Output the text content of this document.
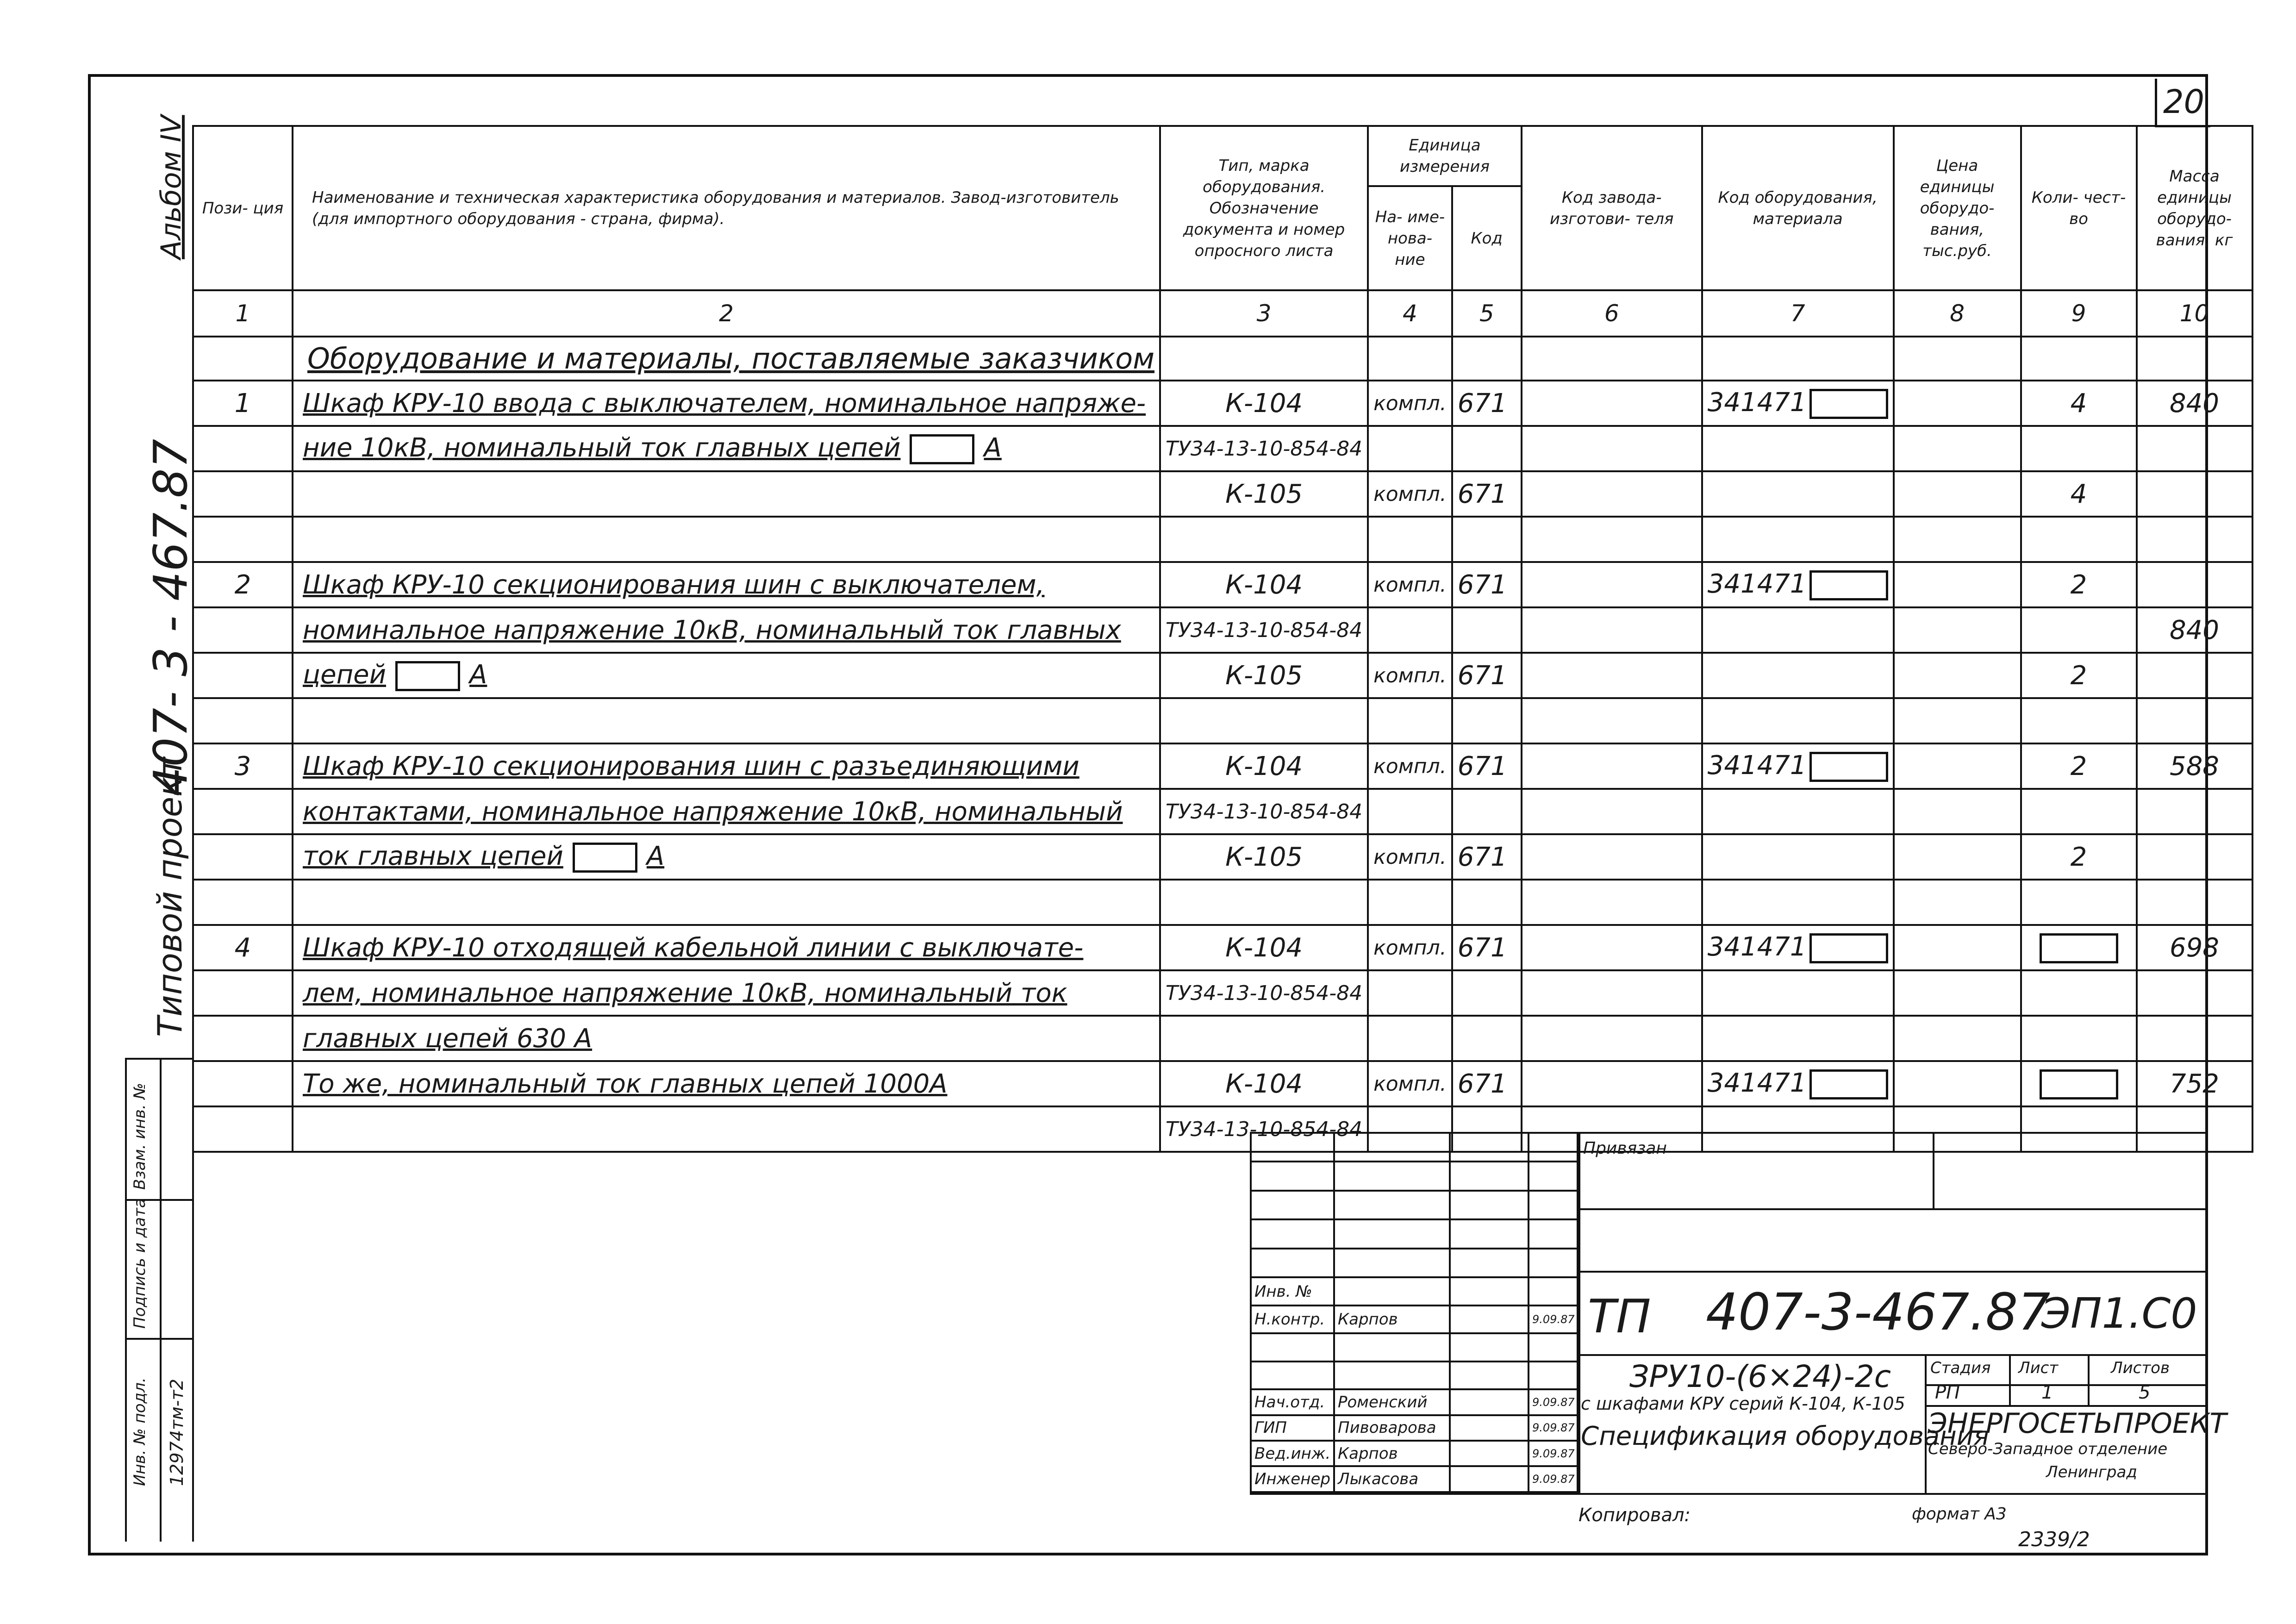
20
Альбом IV
407- 3 - 467.87
Типовой проект
Взам. инв. №
Подпись и дата
Инв. № подл. 12974тм-т2
Пози- ция	Наименование и техническая характеристика оборудования и материалов. Завод-изготовитель (для импортного оборудования - страна, фирма).	Тип, марка оборудования. Обозначение документа и номер опросного листа	Единица измерения		Код завода- изготови- теля	Код оборудования, материала	Цена единицы оборудо- вания, тыс.руб.	Коли- чест- во	Масса единицы оборудо- вания, кг
			На- име- нова- ние	Код					
1	2	3	4	5	6	7	8	9	10
	Оборудование и материалы, поставляемые заказчиком								
1	Шкаф КРУ-10 ввода с выключателем, номинальное напряже-	К-104	компл.	671		341471		4	840
	ние 10кВ, номинальный ток главных цепей А	ТУ34-13-10-854-84							
		К-105	компл.	671				4	

2	Шкаф КРУ-10 секционирования шин с выключателем,	К-104	компл.	671		341471		2	
	номинальное напряжение 10кВ, номинальный ток главных	ТУ34-13-10-854-84							840
	цепей А	К-105	компл.	671				2	

3	Шкаф КРУ-10 секционирования шин с разъединяющими	К-104	компл.	671		341471		2	588
	контактами, номинальное напряжение 10кВ, номинальный	ТУ34-13-10-854-84							
	ток главных цепей А	К-105	компл.	671				2	

4	Шкаф КРУ-10 отходящей кабельной линии с выключате-	К-104	компл.	671		341471			698
	лем, номинальное напряжение 10кВ, номинальный ток	ТУ34-13-10-854-84							
	главных цепей 630 А								
	То же, номинальный ток главных цепей 1000А	К-104	компл.	671		341471			752
		ТУ34-13-10-854-84							

Инв. №			
Н.контр.	Карпов		9.09.87

Нач.отд.	Роменский		9.09.87
ГИП	Пивоварова		9.09.87
Вед.инж.	Карпов		9.09.87
Инженер	Лыкасова		9.09.87
Привязан
ТП 407-3-467.87
ЭП1.С0
ЗРУ10-(6×24)-2с
с шкафами КРУ серий К-104, К-105
Спецификация оборудования
Стадия Лист	Листов
РП	1	5
ЭНЕРГОСЕТЬПРОЕКТ
Северо-Западное отделение
Ленинград
Копировал:	формат А3
2339/2
